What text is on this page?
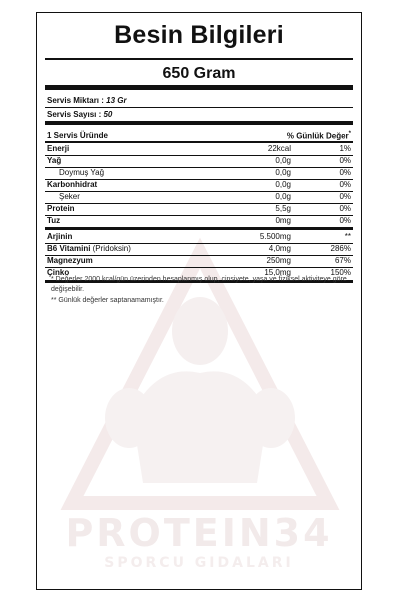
PROTEIN34
SPORCU GIDALARI
Besin Bilgileri
650 Gram
Servis Miktarı : 13 Gr
Servis Sayısı : 50
1 Servis Üründe	% Günlük Değer*
Enerji	22kcal	1%
Yağ	0,0g	0%
Doymuş Yağ	0,0g	0%
Karbonhidrat	0,0g	0%
Şeker	0,0g	0%
Protein	5,5g	0%
Tuz	0mg	0%
Arjinin	5.500mg	**
B6 Vitamini (Pridoksin)	4,0mg	286%
Magnezyum	250mg	67%
Çinko	15,0mg	150%
* Değerler 2000 kcal/gün üzerinden hesaplanmış olup, cinsiyete, yaşa ve fiziksel aktiviteye göre değişebilir.
** Günlük değerler saptanamamıştır.
